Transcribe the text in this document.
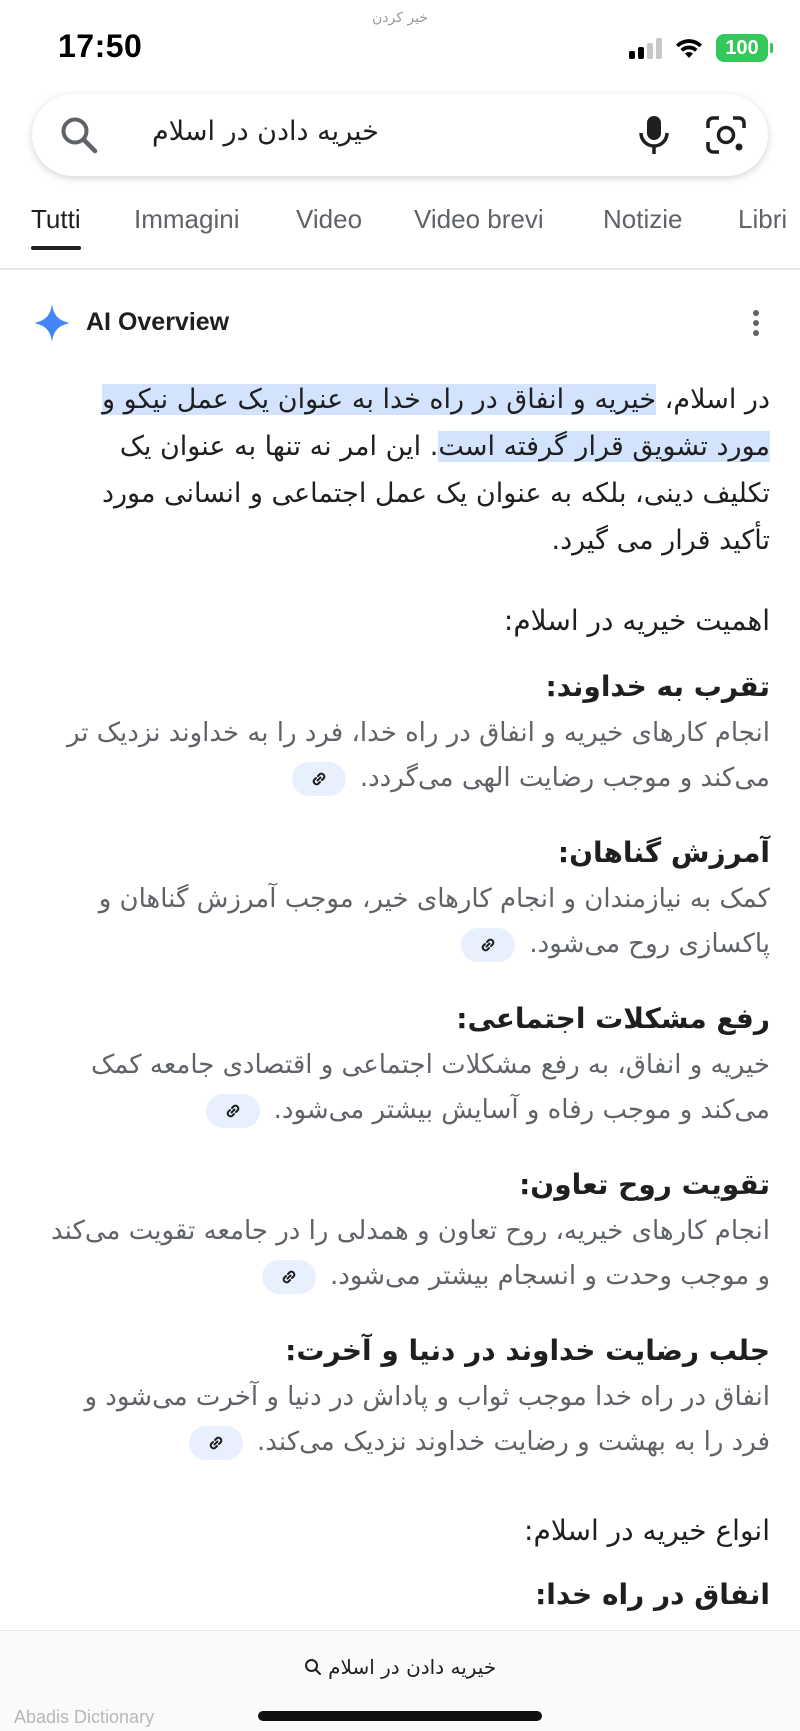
17:50
خیر کردن
100
خیریه دادن در اسلام
Tutti Immagini Video Video brevi Notizie Libri
AI Overview
در اسلام، خیریه و انفاق در راه خدا به عنوان یک عمل نیکو و مورد تشویق قرار گرفته است. این امر نه تنها به عنوان یک تکلیف دینی، بلکه به عنوان یک عمل اجتماعی و انسانی مورد تأکید قرار می گیرد.
اهمیت خیریه در اسلام:
تقرب به خداوند:
انجام کارهای خیریه و انفاق در راه خدا، فرد را به خداوند نزدیک تر می‌کند و موجب رضایت الهی می‌گردد.
آمرزش گناهان:
کمک به نیازمندان و انجام کارهای خیر، موجب آمرزش گناهان و پاکسازی روح می‌شود.
رفع مشکلات اجتماعی:
خیریه و انفاق، به رفع مشکلات اجتماعی و اقتصادی جامعه کمک می‌کند و موجب رفاه و آسایش بیشتر می‌شود.
تقویت روح تعاون:
انجام کارهای خیریه، روح تعاون و همدلی را در جامعه تقویت می‌کند و موجب وحدت و انسجام بیشتر می‌شود.
جلب رضایت خداوند در دنیا و آخرت:
انفاق در راه خدا موجب ثواب و پاداش در دنیا و آخرت می‌شود و فرد را به بهشت و رضایت خداوند نزدیک می‌کند.
انواع خیریه در اسلام:
انفاق در راه خدا:
خیریه دادن در اسلام
Abadis Dictionary
